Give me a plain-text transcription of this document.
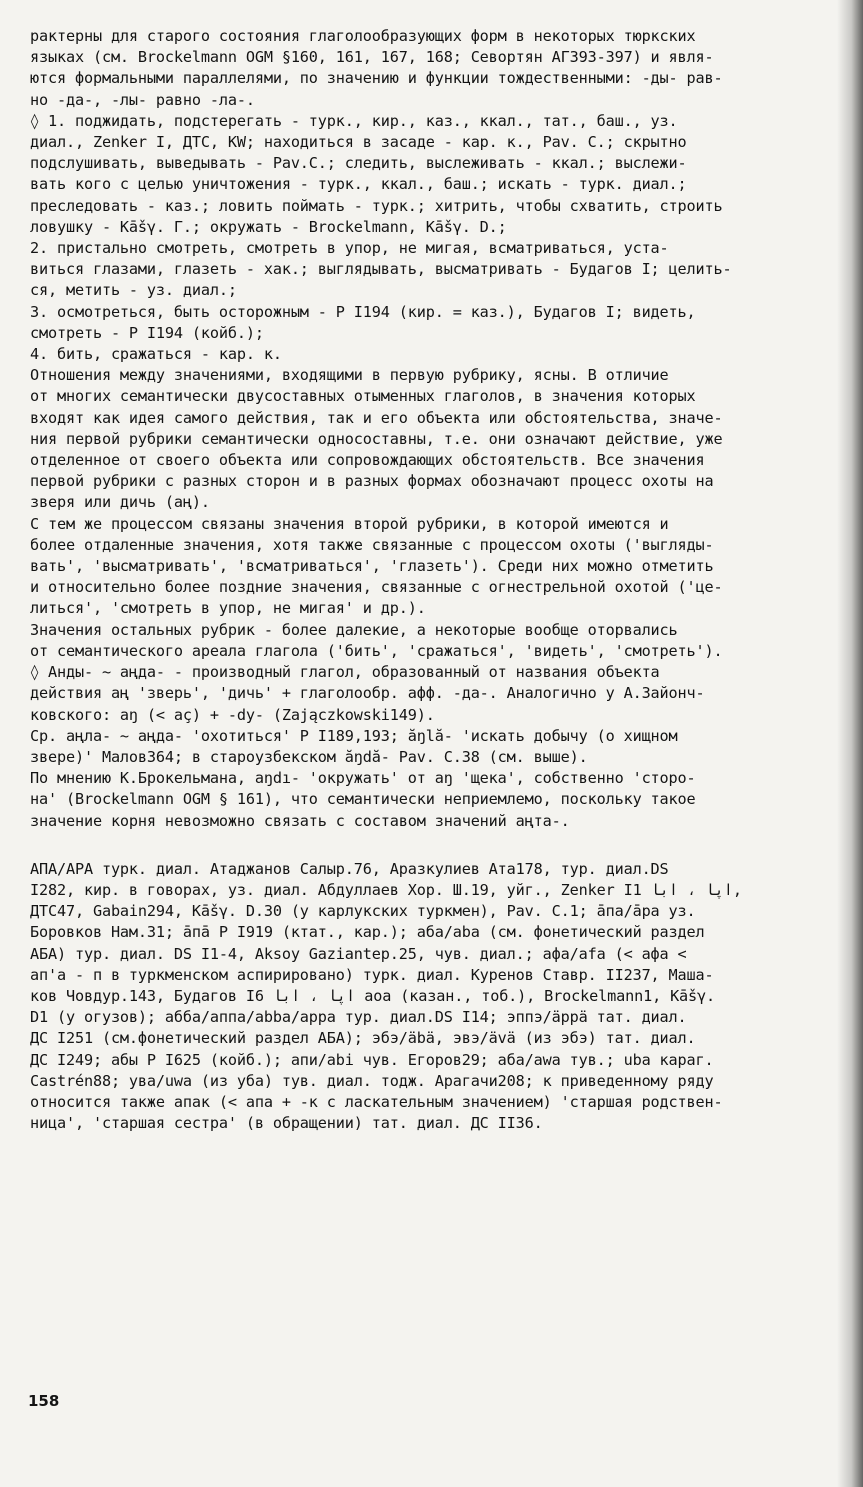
рактерны для старого состояния глаголообразующих форм в некоторых тюркских
языках (см. Brockelmann OGM §160, 161, 167, 168; Севортян АГ393-397) и явля-
ются формальными параллелями, по значению и функции тождественными: -ды- рав-
но -да-, -лы- равно -ла-.
◊ 1. поджидать, подстерегать - турк., кир., каз., ккал., тат., баш., уз.
диал., Zenker I, ДТС, KW; находиться в засаде - кар. к., Pav. C.; скрытно
подслушивать, выведывать - Pav.C.; следить, выслеживать - ккал.; выслежи-
вать кого с целью уничтожения - турк., ккал., баш.; искать - турк. диал.;
преследовать - каз.; ловить поймать - турк.; хитрить, чтобы схватить, строить
ловушку - Kāšγ. Г.; окружать - Brockelmann, Kāšγ. D.;
2. пристально смотреть, смотреть в упор, не мигая, всматриваться, уста-
виться глазами, глазеть - хак.; выглядывать, высматривать - Будагов I; целить-
ся, метить - уз. диал.;
3. осмотреться, быть осторожным - Р I194 (кир. = каз.), Будагов I; видеть,
смотреть - Р I194 (койб.);
4. бить, сражаться - кар. к.
Отношения между значениями, входящими в первую рубрику, ясны. В отличие
от многих семантически двусоставных отыменных глаголов, в значения которых
входят как идея самого действия, так и его объекта или обстоятельства, значе-
ния первой рубрики семантически односоставны, т.е. они означают действие, уже
отделенное от своего объекта или сопровождающих обстоятельств. Все значения
первой рубрики с разных сторон и в разных формах обозначают процесс охоты на
зверя или дичь (аң).
С тем же процессом связаны значения второй рубрики, в которой имеются и
более отдаленные значения, хотя также связанные с процессом охоты ('выгляды-
вать', 'высматривать', 'всматриваться', 'глазеть'). Среди них можно отметить
и относительно более поздние значения, связанные с огнестрельной охотой ('це-
литься', 'смотреть в упор, не мигая' и др.).
Значения остальных рубрик - более далекие, а некоторые вообще оторвались
от семантического ареала глагола ('бить', 'сражаться', 'видеть', 'смотреть').
◊ Анды- ~ аңда- - производный глагол, образованный от названия объекта
действия аң 'зверь', 'дичь' + глаголообр. афф. -да-. Аналогично у А.Зайонч-
ковского: aŋ (< aç) + -dy- (Zajączkowski149).
Ср. аңла- ~ аңда- 'охотиться' Р I189,193; ăŋlă- 'искать добычу (о хищном
звере)' Малов364; в староузбекском ăŋdă- Pav. C.38 (см. выше).
По мнению К.Брокельмана, aŋdı- 'окружать' от aŋ 'щека', собственно 'сторо-
на' (Brockelmann OGM § 161), что семантически неприемлемо, поскольку такое
значение корня невозможно связать с составом значений аңта-.
АПА/АРА турк. диал. Атаджанов Салыр.76, Аразкулиев Ата178, тур. диал.DS
I282, кир. в говорах, уз. диал. Абдуллаев Хор. Ш.19, уйг., Zenker I1 ﺍﭘﺎ ، ﺍﺑﺎ,
ДТС47, Gabain294, Kāšγ. D.30 (у карлукских туркмен), Pav. C.1; āпа/āpa уз.
Боровков Нам.31; āпā Р I919 (ктат., кар.); аба/aba (см. фонетический раздел
АБА) тур. диал. DS I1-4, Aksoy Gaziantep.25, чув. диал.; афа/afa (< aфa <
ап'a - п в туркменском аспирировано) турк. диал. Куренов Ставр. II237, Маша-
ков Човдур.143, Будагов I6 ﺍﭘﺎ ، ﺍﺑﺎ aoa (казан., тоб.), Brockelmann1, Kāšγ.
D1 (у огузов); абба/аппа/abba/appa тур. диал.DS I14; эппэ/äppä тат. диал.
ДС I251 (см.фонетический раздел АБА); эбэ/äbä, эвэ/ävä (из эбэ) тат. диал.
ДС I249; абы Р I625 (койб.); апи/abi чув. Егоров29; аба/awa тув.; uba караг.
Castrén88; ува/uwa (из уба) тув. диал. тодж. Арагачи208; к приведенному ряду
относится также апак (< апа + -к с ласкательным значением) 'старшая родствен-
ница', 'старшая сестра' (в обращении) тат. диал. ДС II36.
158
